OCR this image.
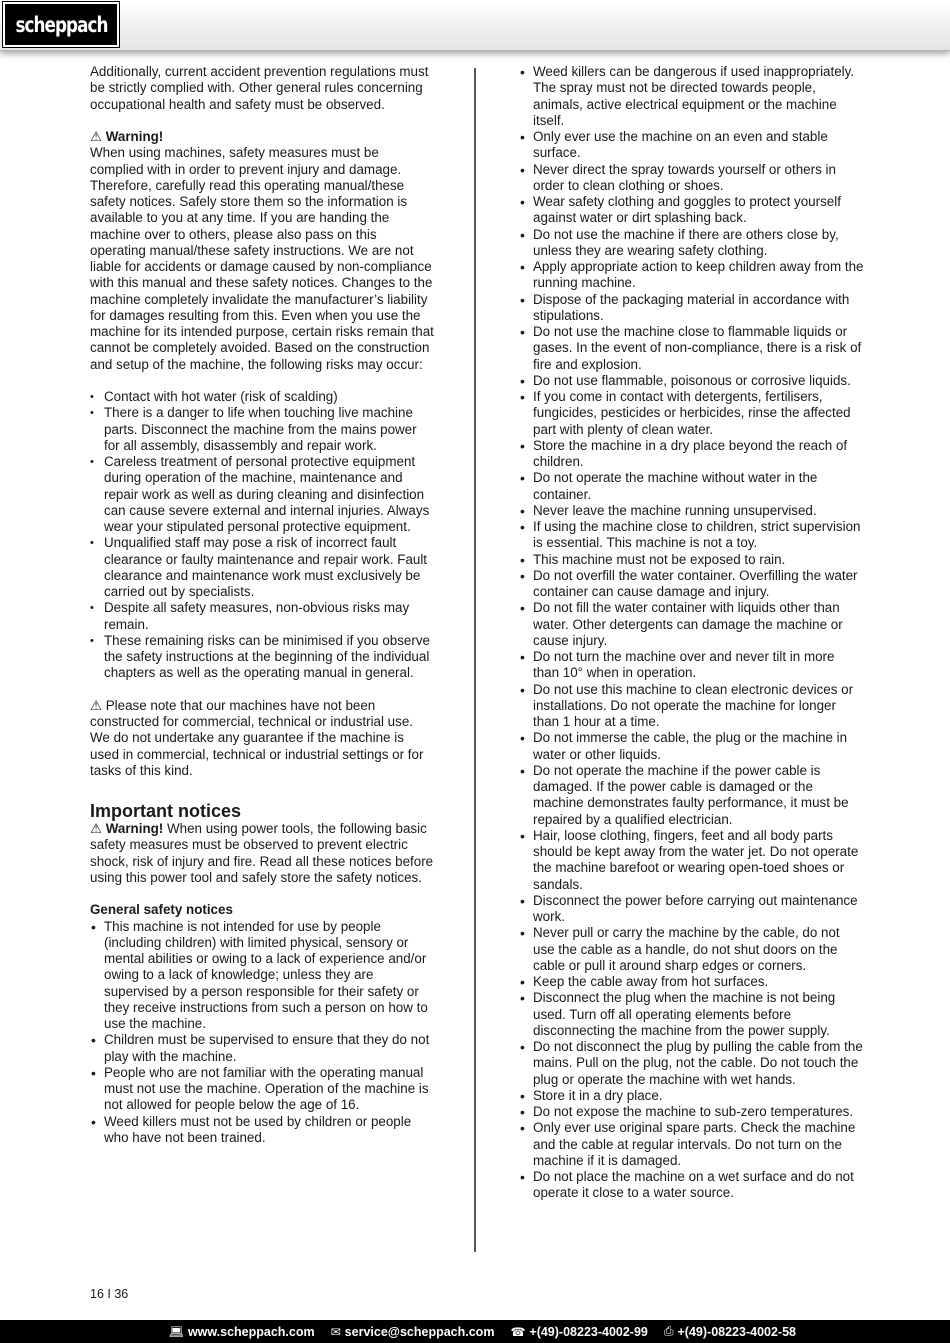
scheppach

Additionally, current accident prevention regulations must be strictly complied with. Other general rules concerning occupational health and safety must be observed.

⚠ Warning!

When using machines, safety measures must be complied with in order to prevent injury and damage. Therefore, carefully read this operating manual/these safety notices. Safely store them so the information is available to you at any time. If you are handing the machine over to others, please also pass on this operating manual/these safety instructions. We are not liable for accidents or damage caused by non-compliance with this manual and these safety notices. Changes to the machine completely invalidate the manufacturer’s liability for damages resulting from this. Even when you use the machine for its intended purpose, certain risks remain that cannot be completely avoided. Based on the construction and setup of the machine, the following risks may occur:

• Contact with hot water (risk of scalding)
• There is a danger to life when touching live machine parts. Disconnect the machine from the mains power for all assembly, disassembly and repair work.
• Careless treatment of personal protective equipment during operation of the machine, maintenance and repair work as well as during cleaning and disinfection can cause severe external and internal injuries. Always wear your stipulated personal protective equipment.
• Unqualified staff may pose a risk of incorrect fault clearance or faulty maintenance and repair work. Fault clearance and maintenance work must exclusively be carried out by specialists.
• Despite all safety measures, non-obvious risks may remain.
• These remaining risks can be minimised if you observe the safety instructions at the beginning of the individual chapters as well as the operating manual in general.

⚠ Please note that our machines have not been constructed for commercial, technical or industrial use. We do not undertake any guarantee if the machine is used in commercial, technical or industrial settings or for tasks of this kind.

Important notices

⚠ Warning! When using power tools, the following basic safety measures must be observed to prevent electric shock, risk of injury and fire. Read all these notices before using this power tool and safely store the safety notices.

General safety notices

• This machine is not intended for use by people (including children) with limited physical, sensory or mental abilities or owing to a lack of experience and/or owing to a lack of knowledge; unless they are supervised by a person responsible for their safety or they receive instructions from such a person on how to use the machine.
• Children must be supervised to ensure that they do not play with the machine.
• People who are not familiar with the operating manual must not use the machine. Operation of the machine is not allowed for people below the age of 16.
• Weed killers must not be used by children or people who have not been trained.
• Weed killers can be dangerous if used inappropriately. The spray must not be directed towards people, animals, active electrical equipment or the machine itself.
• Only ever use the machine on an even and stable surface.
• Never direct the spray towards yourself or others in order to clean clothing or shoes.
• Wear safety clothing and goggles to protect yourself against water or dirt splashing back.
• Do not use the machine if there are others close by, unless they are wearing safety clothing.
• Apply appropriate action to keep children away from the running machine.
• Dispose of the packaging material in accordance with stipulations.
• Do not use the machine close to flammable liquids or gases. In the event of non-compliance, there is a risk of fire and explosion.
• Do not use flammable, poisonous or corrosive liquids.
• If you come in contact with detergents, fertilisers, fungicides, pesticides or herbicides, rinse the affected part with plenty of clean water.
• Store the machine in a dry place beyond the reach of children.
• Do not operate the machine without water in the container.
• Never leave the machine running unsupervised.
• If using the machine close to children, strict supervision is essential. This machine is not a toy.
• This machine must not be exposed to rain.
• Do not overfill the water container. Overfilling the water container can cause damage and injury.
• Do not fill the water container with liquids other than water. Other detergents can damage the machine or cause injury.
• Do not turn the machine over and never tilt in more than 10° when in operation.
• Do not use this machine to clean electronic devices or installations. Do not operate the machine for longer than 1 hour at a time.
• Do not immerse the cable, the plug or the machine in water or other liquids.
• Do not operate the machine if the power cable is damaged. If the power cable is damaged or the machine demonstrates faulty performance, it must be repaired by a qualified electrician.
• Hair, loose clothing, fingers, feet and all body parts should be kept away from the water jet. Do not operate the machine barefoot or wearing open-toed shoes or sandals.
• Disconnect the power before carrying out maintenance work.
• Never pull or carry the machine by the cable, do not use the cable as a handle, do not shut doors on the cable or pull it around sharp edges or corners.
• Keep the cable away from hot surfaces.
• Disconnect the plug when the machine is not being used. Turn off all operating elements before disconnecting the machine from the power supply.
• Do not disconnect the plug by pulling the cable from the mains. Pull on the plug, not the cable. Do not touch the plug or operate the machine with wet hands.
• Store it in a dry place.
• Do not expose the machine to sub-zero temperatures.
• Only ever use original spare parts. Check the machine and the cable at regular intervals. Do not turn on the machine if it is damaged.
• Do not place the machine on a wet surface and do not operate it close to a water source.
16 I 36
💻︎ www.scheppach.com ✉ service@scheppach.com ☎ +(49)-08223-4002-99 ⎙ +(49)-08223-4002-58
